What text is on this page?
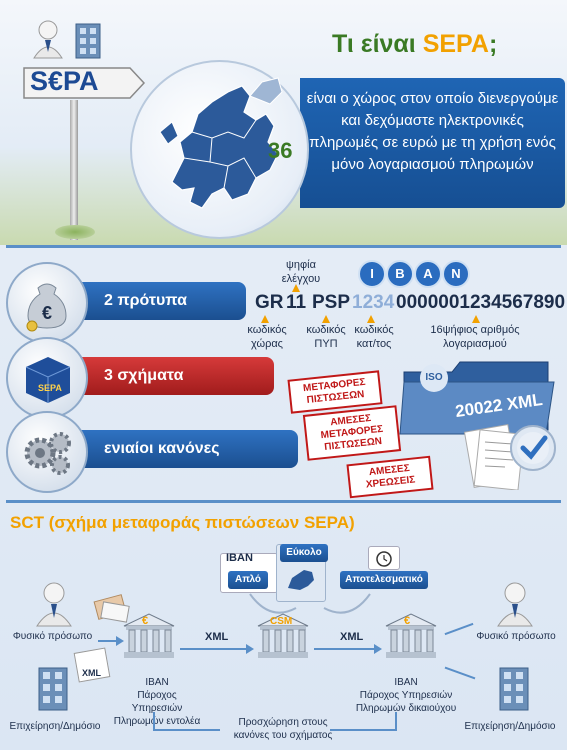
S€PA
Τι είναι SEPA;
είναι ο χώρος στον οποίο διενεργούμε και δεχόμαστε ηλεκτρονικές πληρωμές σε ευρώ με τη χρήση ενός μόνο λογαριασμού πληρωμών
36
2 πρότυπα
3 σχήματα
ενιαίοι κανόνες
€
SEPA
ψηφία ελέγχου	I	B	A	N
GR 11 PSP 1234 0000001234567890
κωδικός χώρας
κωδικός ΠΥΠ
κωδικός κατ/τος
16ψήφιος αριθμός λογαριασμού
ΜΕΤΑΦΟΡΕΣ ΠΙΣΤΩΣΕΩΝ
ΑΜΕΣΕΣ ΜΕΤΑΦΟΡΕΣ ΠΙΣΤΩΣΕΩΝ
ΑΜΕΣΕΣ ΧΡΕΩΣΕΙΣ
ISO
20022 XML
SCT (σχήμα μεταφοράς πιστώσεων SEPA)
IBAN
Απλό
Εύκολο
Αποτελεσματικό
Φυσικό πρόσωπο
Επιχείρηση/Δημόσιο
XML
€	CSM	€
XML	XML
IBAN
Πάροχος Υπηρεσιών
Πληρωμών εντολέα
IBAN
Πάροχος Υπηρεσιών
Πληρωμών δικαιούχου
Προσχώρηση στους
κανόνες του σχήματος
Φυσικό πρόσωπο
Επιχείρηση/Δημόσιο
